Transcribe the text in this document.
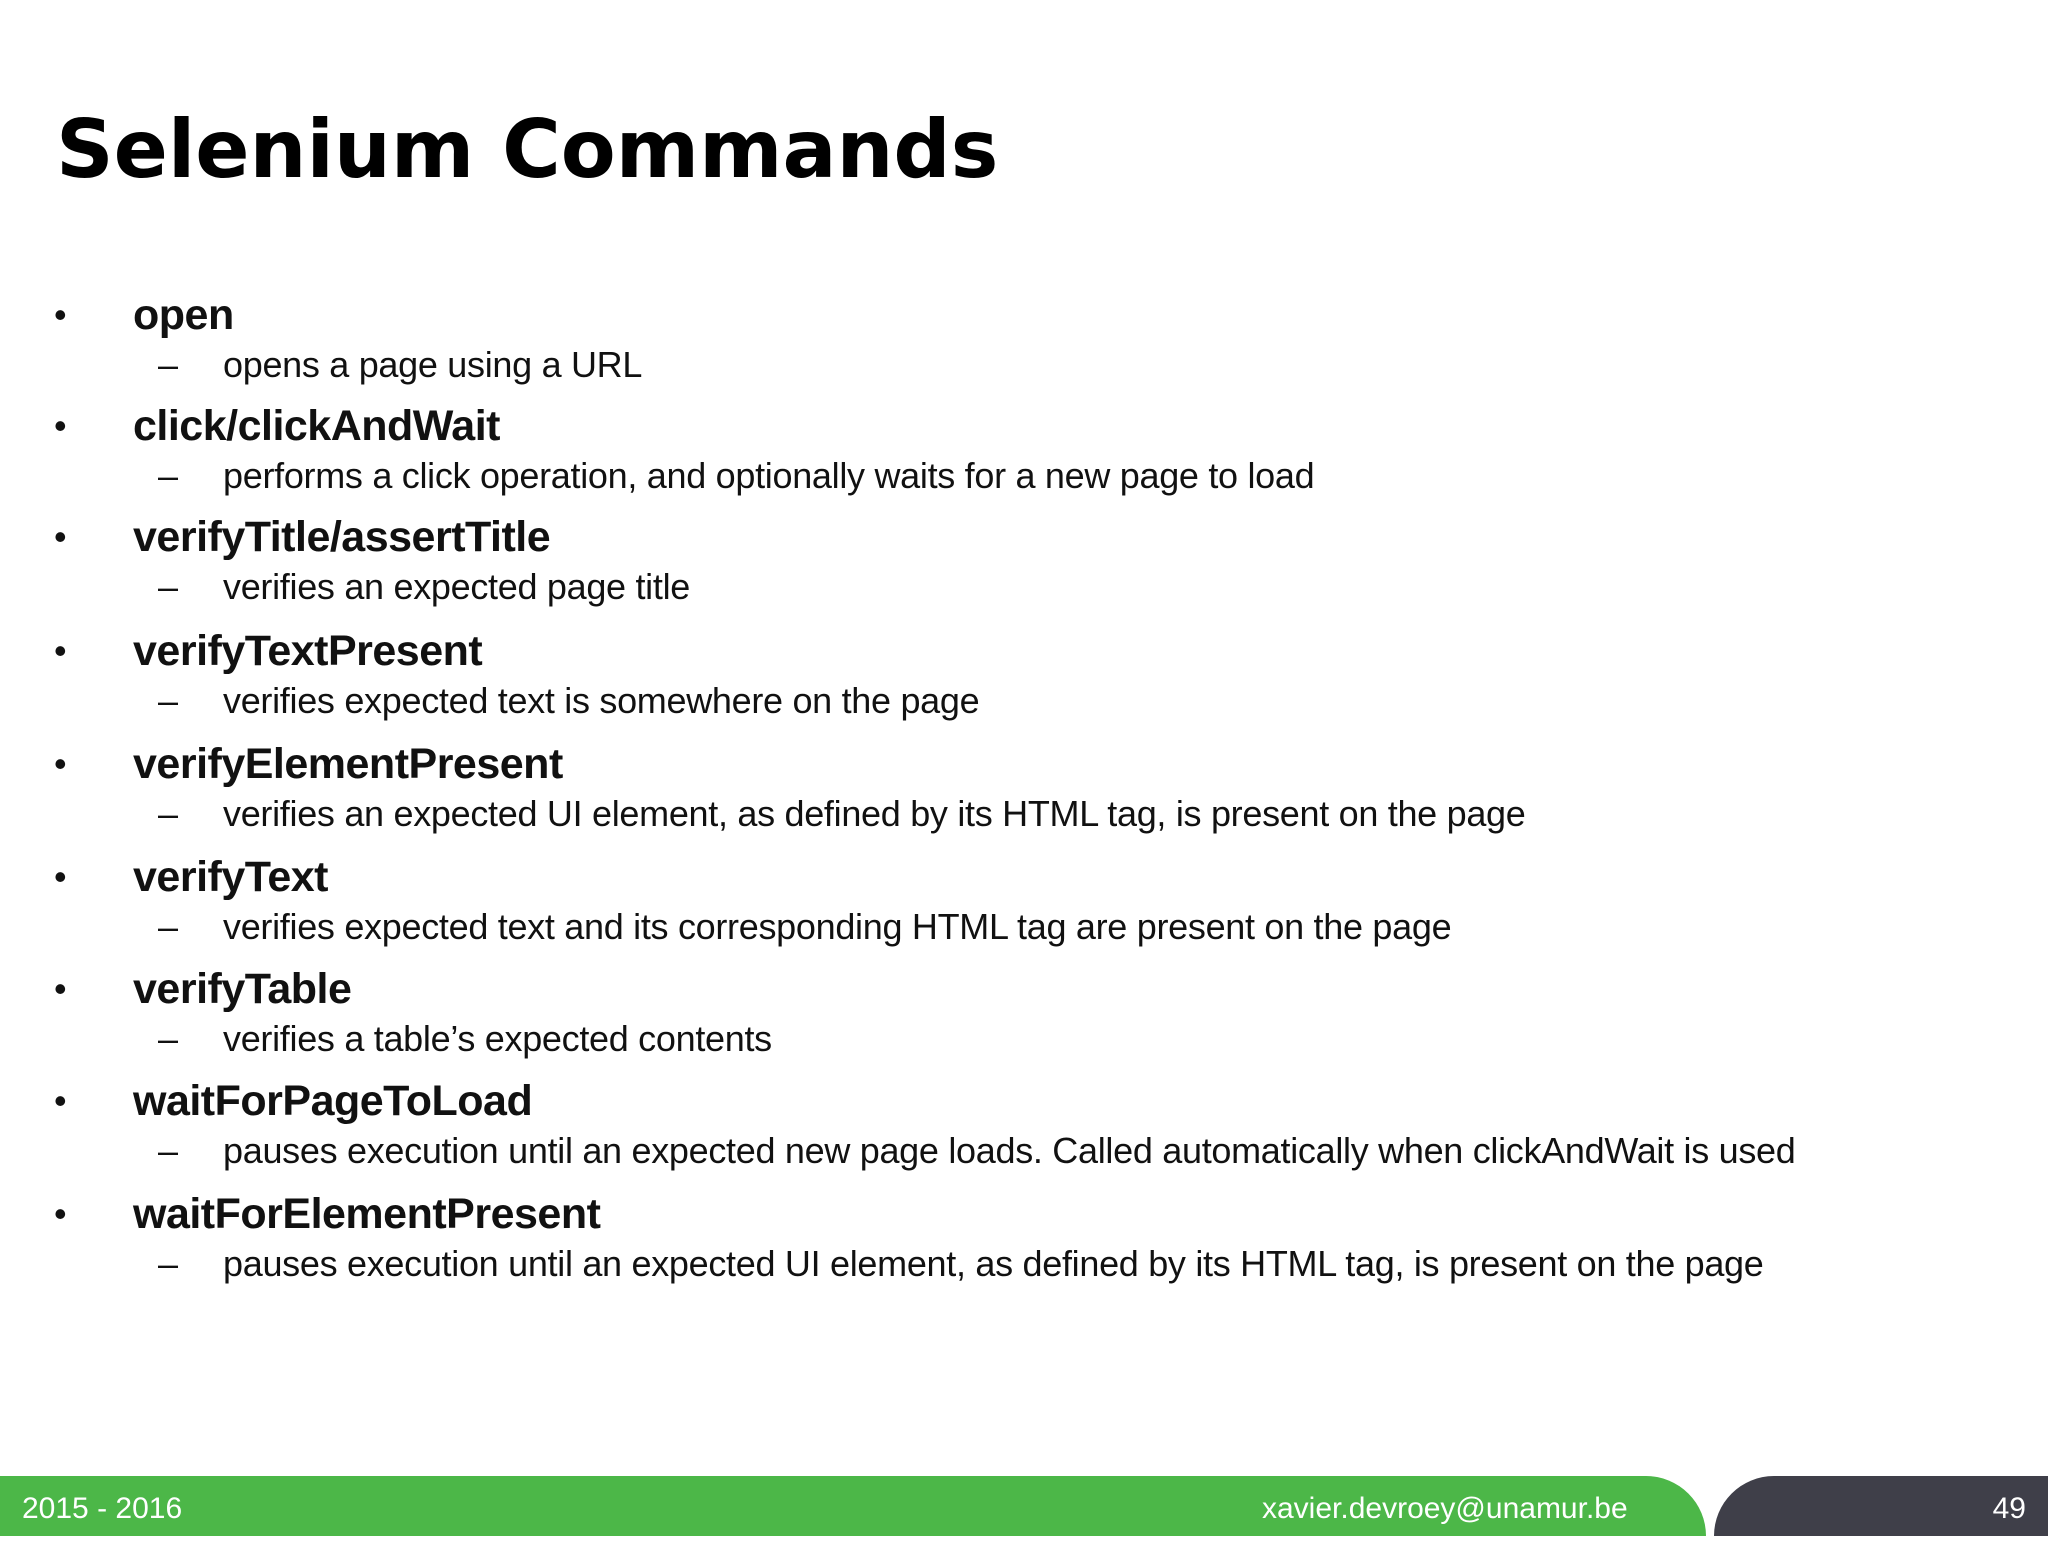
Selenium Commands
• open
– opens a page using a URL
• click/clickAndWait
– performs a click operation, and optionally waits for a new page to load
• verifyTitle/assertTitle
– verifies an expected page title
• verifyTextPresent
– verifies expected text is somewhere on the page
• verifyElementPresent
– verifies an expected UI element, as defined by its HTML tag, is present on the page
• verifyText
– verifies expected text and its corresponding HTML tag are present on the page
• verifyTable
– verifies a table’s expected contents
• waitForPageToLoad
– pauses execution until an expected new page loads. Called automatically when clickAndWait is used
• waitForElementPresent
– pauses execution until an expected UI element, as defined by its HTML tag, is present on the page
2015 - 2016	xavier.devroey@unamur.be	49
